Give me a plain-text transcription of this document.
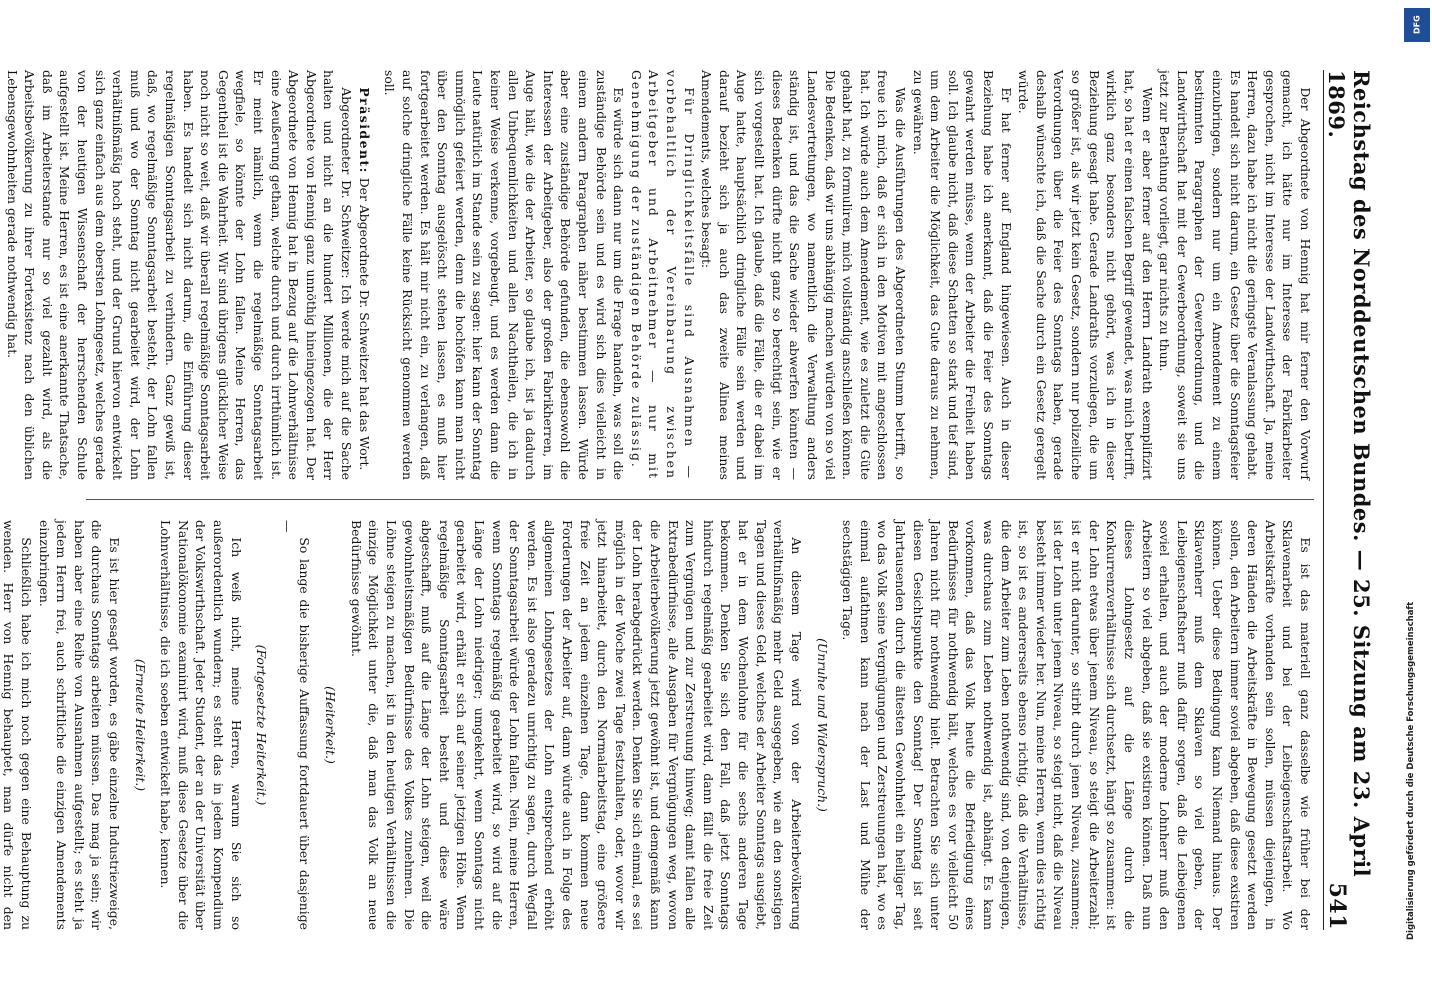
Reichstag des Norddeutschen Bundes. — 25. Sitzung am 23. April 1869.
541

Der Abgeordnete von Hennig hat mir ferner den Vorwurf gemacht, ich hätte nur im Interesse der Fabrikarbeiter gesprochen, nicht im Interesse der Landwirthschaft. Ja, meine Herren, dazu habe ich nicht die geringste Veranlassung gehabt. Es handelt sich nicht darum, ein Gesetz über die Sonntagsfeier einzubringen, sondern nur um ein Amendement zu einem bestimmten Paragraphen der Gewerbeordnung, und die Landwirthschaft hat mit der Gewerbeordnung, soweit sie uns jetzt zur Berathung vorliegt, gar nichts zu thun.

Wenn er aber ferner auf den Herrn Landrath exemplifizirt hat, so hat er einen falschen Begriff gewendet, was mich betrifft, wirklich ganz besonders nicht gehört, was ich in dieser Beziehung gesagt habe. Gerade Landraths vorzulegen, die um so größer ist, als wir jetzt kein Gesetz, sondern nur polizeiliche Verordnungen über die Feier des Sonntags haben, gerade deshalb wünschte ich, daß die Sache durch ein Gesetz geregelt würde.

Er hat ferner auf England hingewiesen. Auch in dieser Beziehung habe ich anerkannt, daß die Feier des Sonntags gewahrt werden müsse, wenn der Arbeiter die Freiheit haben soll. Ich glaube nicht, daß diese Schatten so stark und tief sind, um dem Arbeiter die Möglichkeit, das Gute daraus zu nehmen, zu gewähren.

Was die Ausführungen des Abgeordneten Stumm betrifft, so freue ich mich, daß er sich in den Motiven mit angeschlossen hat. Ich würde auch dem Amendement, wie es zuletzt die Güte gehabt hat, zu formuliren, mich vollständig anschließen können. Die Bedenken, daß wir uns abhängig machen würden von so viel Landesvertretungen, wo namentlich die Verwaltung anders ständig ist, und das die Sache wieder abwerfen könnten — dieses Bedenken dürfte nicht ganz so berechtigt sein, wie er sich vorgestellt hat. Ich glaube, daß die Fälle, die er dabei im Auge hatte, hauptsächlich dringliche Fälle sein werden und darauf bezieht sich ja auch das zweite Alinea meines Amendements, welches besagt:

Für Dringlichkeitsfälle sind Ausnahmen — vorbehaltlich der Vereinbarung zwischen Arbeitgeber und Arbeitnehmer — nur mit Genehmigung der zuständigen Behörde zulässig.

Es würde sich dann nur um die Frage handeln, was soll die zuständige Behörde sein und es wird sich dies vielleicht in einem andern Paragraphen näher bestimmen lassen. Würde aber eine zuständige Behörde gefunden, die ebensowohl die Interessen der Arbeitgeber, also der großen Fabrikherren, im Auge hält, wie die der Arbeiter, so glaube ich, ist ja dadurch allen Unbequemlichkeiten und allen Nachtheilen, die ich in keiner Weise verkenne, vorgebeugt, und es werden dann die Leute natürlich im Stande sein zu sagen: hier kann der Sonntag unmöglich gefeiert werden, denn die hochöfen kann man nicht über den Sonntag ausgelöscht stehen lassen, es muß hier fortgearbeitet werden. Es hält mir nicht ein, zu verlangen, daß auf solche dringliche Fälle keine Rücksicht genommen werden soll.

Präsident: Der Abgeordnete Dr. Schweitzer hat das Wort.

Abgeordneter Dr. Schweitzer: Ich werde mich auf die Sache halten und nicht an die hundert Millionen, die der Herr Abgeordnete von Hennig ganz unnöthig hineingezogen hat. Der Abgeordnete von Hennig hat in Bezug auf die Lohnverhältnisse eine Aeußerung gethan, welche durch und durch irrthümlich ist. Er meint nämlich, wenn die regelmäßige Sonntagsarbeit wegfiele, so könnte der Lohn fallen. Meine Herren, das Gegentheil ist die Wahrheit. Wir sind übrigens glücklicher Weise noch nicht so weit, daß wir überall regelmäßige Sonntagsarbeit haben. Es handelt sich nicht darum, die Einführung dieser regelmäßigen Sonntagsarbeit zu verhindern. Ganz gewiß ist, daß, wo regelmäßige Sonntagsarbeit besteht, der Lohn fallen muß und wo der Sonntag nicht gearbeitet wird, der Lohn verhältnißmäßig hoch steht, und der Grund hiervon entwickelt sich ganz einfach aus dem obersten Lohngesetz, welches gerade von der heutigen Wissenschaft der herrschenden Schule aufgestellt ist. Meine Herren, es ist eine anerkannte Thatsache, daß im Arbeiterstande nur so viel gezahlt wird, als die Arbeitsbevölkerung zu ihrer Fortexistenz nach den üblichen Lebensgewohnheiten gerade nothwendig hat.

Es ist das materiell ganz dasselbe wie früher bei der Sklavenarbeit und bei der Leibeigenschaftsarbeit. Wo Arbeitskräfte vorhanden sein sollen, müssen diejenigen, in deren Händen die Arbeitskräfte in Bewegung gesetzt werden sollen, den Arbeitern immer soviel abgeben, daß diese existiren können. Ueber diese Bedingung kann Niemand hinaus. Der Sklavenherr muß dem Sklaven so viel geben, der Leibeigenschaftsherr muß dafür sorgen, daß die Leibeigenen soviel erhalten, und auch der moderne Lohnherr muß den Arbeitern so viel abgeben, daß sie existiren können. Daß nun dieses Lohngesetz auf die Länge durch die Konkurrenzverhältnisse sich durchsetzt, hängt so zusammen: ist der Lohn etwas über jenem Niveau, so steigt die Arbeiterzahl; ist er nicht darunter, so stirbt durch jenen Niveau, zusammen; ist der Lohn unter jenem Niveau, so steigt nicht, daß die Niveau besteht immer wieder her. Nun, meine Herren, wenn dies richtig ist, so ist es andererseits ebenso richtig, daß die Verhältnisse, die dem Arbeiter zum Leben nothwendig sind, von denjenigen, was durchaus zum Leben nothwendig ist, abhängt. Es kann vorkommen, daß das Volk heute die Befriedigung eines Bedürfnisses für nothwendig hält, welches es vor vielleicht 50 Jahren nicht für nothwendig hielt. Betrachten Sie sich unter diesen Gesichtspunkte den Sonntag! Der Sonntag ist seit Jahrtausenden durch die ältesten Gewohnheit ein heiliger Tag, wo das Volk seine Vergnügungen und Zerstreuungen hat, wo es einmal aufathmen kann nach der Last und Mühe der sechstägigen Tage.

(Unruhe und Widerspruch.)

An diesem Tage wird von der Arbeiterbevölkerung verhältnißmäßig mehr Geld ausgegeben, wie an den sonstigen Tagen und dieses Geld, welches der Arbeiter Sonntags ausgiebt, hat er in dem Wochenlohne für die sechs anderen Tage bekommen. Denken Sie sich den Fall, daß jetzt Sonntags hindurch regelmäßig gearbeitet wird, dann fällt die freie Zeit zum Vergnügen und zur Zerstreuung hinweg; damit fallen alle Extrabedürfnisse, alle Ausgaben für Vergnügungen weg, wovon die Arbeiterbevölkerung jetzt gewöhnt ist, und demgemäß kann der Lohn herabgedrückt werden. Denken Sie sich einmal, es sei möglich in der Woche zwei Tage festzuhalten, oder, wovor wir jetzt hinarbeitet, durch den Normalarbeitstag, eine größere freie Zeit an jedem einzelnen Tage, dann kommen neue Forderungen der Arbeiter auf, dann würde auch in Folge des allgemeinen Lohngesetzes der Lohn entsprechend erhöht werden. Es ist also geradezu unrichtig zu sagen, durch Wegfall der Sonntagsarbeit würde der Lohn fallen. Nein, meine Herren, wenn Sonntags regelmäßig gearbeitet wird, so wird auf die Länge der Lohn niedriger; umgekehrt, wenn Sonntags nicht gearbeitet wird, erhält er sich auf seiner jetzigen Höhe. Wenn regelmäßige Sonntagsarbeit besteht und diese wäre abgeschafft, muß auf die Länge der Lohn steigen, weil die gewohnheitsmäßigen Bedürfnisse des Volkes zunehmen. Die Löhne steigen zu machen, ist in den heutigen Verhältnissen die einzige Möglichkeit unter die, daß man das Volk an neue Bedürfnisse gewöhnt.

(Heiterkeit.)

So lange die bisherige Auffassung fortdauert über dasjenige —

(Fortgesetzte Heiterkeit.)

Ich weiß nicht, meine Herren, warum Sie sich so außerordentlich wundern; es steht das in jedem Kompendium der Volkswirthschaft. Jeder Student, der an der Universität über Nationalökonomie examinirt wird, muß diese Gesetze über die Lohnverhältnisse, die ich soeben entwickelt habe, kennen.

(Erneute Heiterkeit.)

Es ist hier gesagt worden, es gäbe einzelne Industriezweige, die durchaus Sonntags arbeiten müssen. Das mag ja sein; wir haben aber eine Reihe von Ausnahmen aufgestellt; es steht ja jedem Herrn frei, auch schriftliche die einzigen Amendements einzubringen.

Schließlich habe ich mich noch gegen eine Behauptung zu wenden. Herr von Hennig behauptet, man dürfe nicht den

DFG
Digitalisierung gefördert durch die Deutsche Forschungsgemeinschaft
